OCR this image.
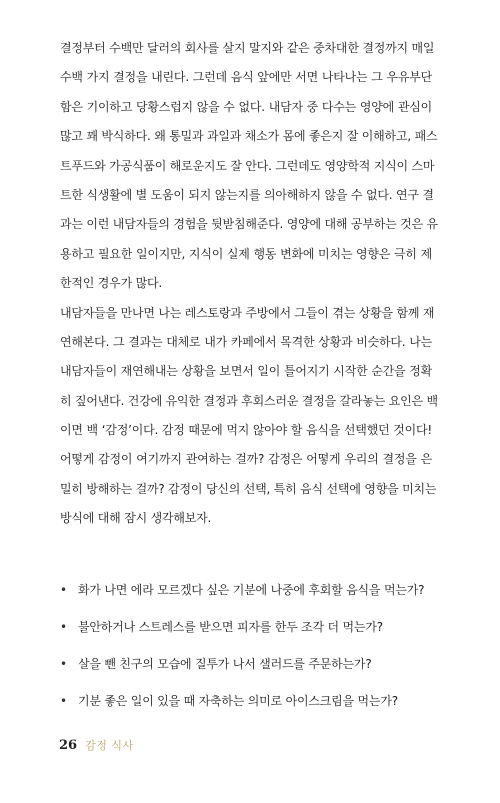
결정부터 수백만 달러의 회사를 살지 말지와 같은 중차대한 결정까지 매일
수백 가지 결정을 내린다. 그런데 음식 앞에만 서면 나타나는 그 우유부단
함은 기이하고 당황스럽지 않을 수 없다. 내담자 중 다수는 영양에 관심이
많고 꽤 박식하다. 왜 통밀과 과일과 채소가 몸에 좋은지 잘 이해하고, 패스
트푸드와 가공식품이 해로운지도 잘 안다. 그런데도 영양학적 지식이 스마
트한 식생활에 별 도움이 되지 않는지를 의아해하지 않을 수 없다. 연구 결
과는 이런 내담자들의 경험을 뒷받침해준다. 영양에 대해 공부하는 것은 유
용하고 필요한 일이지만, 지식이 실제 행동 변화에 미치는 영향은 극히 제
한적인 경우가 많다.
내담자들을 만나면 나는 레스토랑과 주방에서 그들이 겪는 상황을 함께 재
연해본다. 그 결과는 대체로 내가 카페에서 목격한 상황과 비슷하다. 나는
내담자들이 재연해내는 상황을 보면서 일이 틀어지기 시작한 순간을 정확
히 짚어낸다. 건강에 유익한 결정과 후회스러운 결정을 갈라놓는 요인은 백
이면 백 ‘감정’이다. 감정 때문에 먹지 않아야 할 음식을 선택했던 것이다!
어떻게 감정이 여기까지 관여하는 걸까? 감정은 어떻게 우리의 결정을 은
밀히 방해하는 걸까? 감정이 당신의 선택, 특히 음식 선택에 영향을 미치는
방식에 대해 잠시 생각해보자.
• 화가 나면 에라 모르겠다 싶은 기분에 나중에 후회할 음식을 먹는가?
• 불안하거나 스트레스를 받으면 피자를 한두 조각 더 먹는가?
• 살을 뺀 친구의 모습에 질투가 나서 샐러드를 주문하는가?
• 기분 좋은 일이 있을 때 자축하는 의미로 아이스크림을 먹는가?
26 감정 식사
